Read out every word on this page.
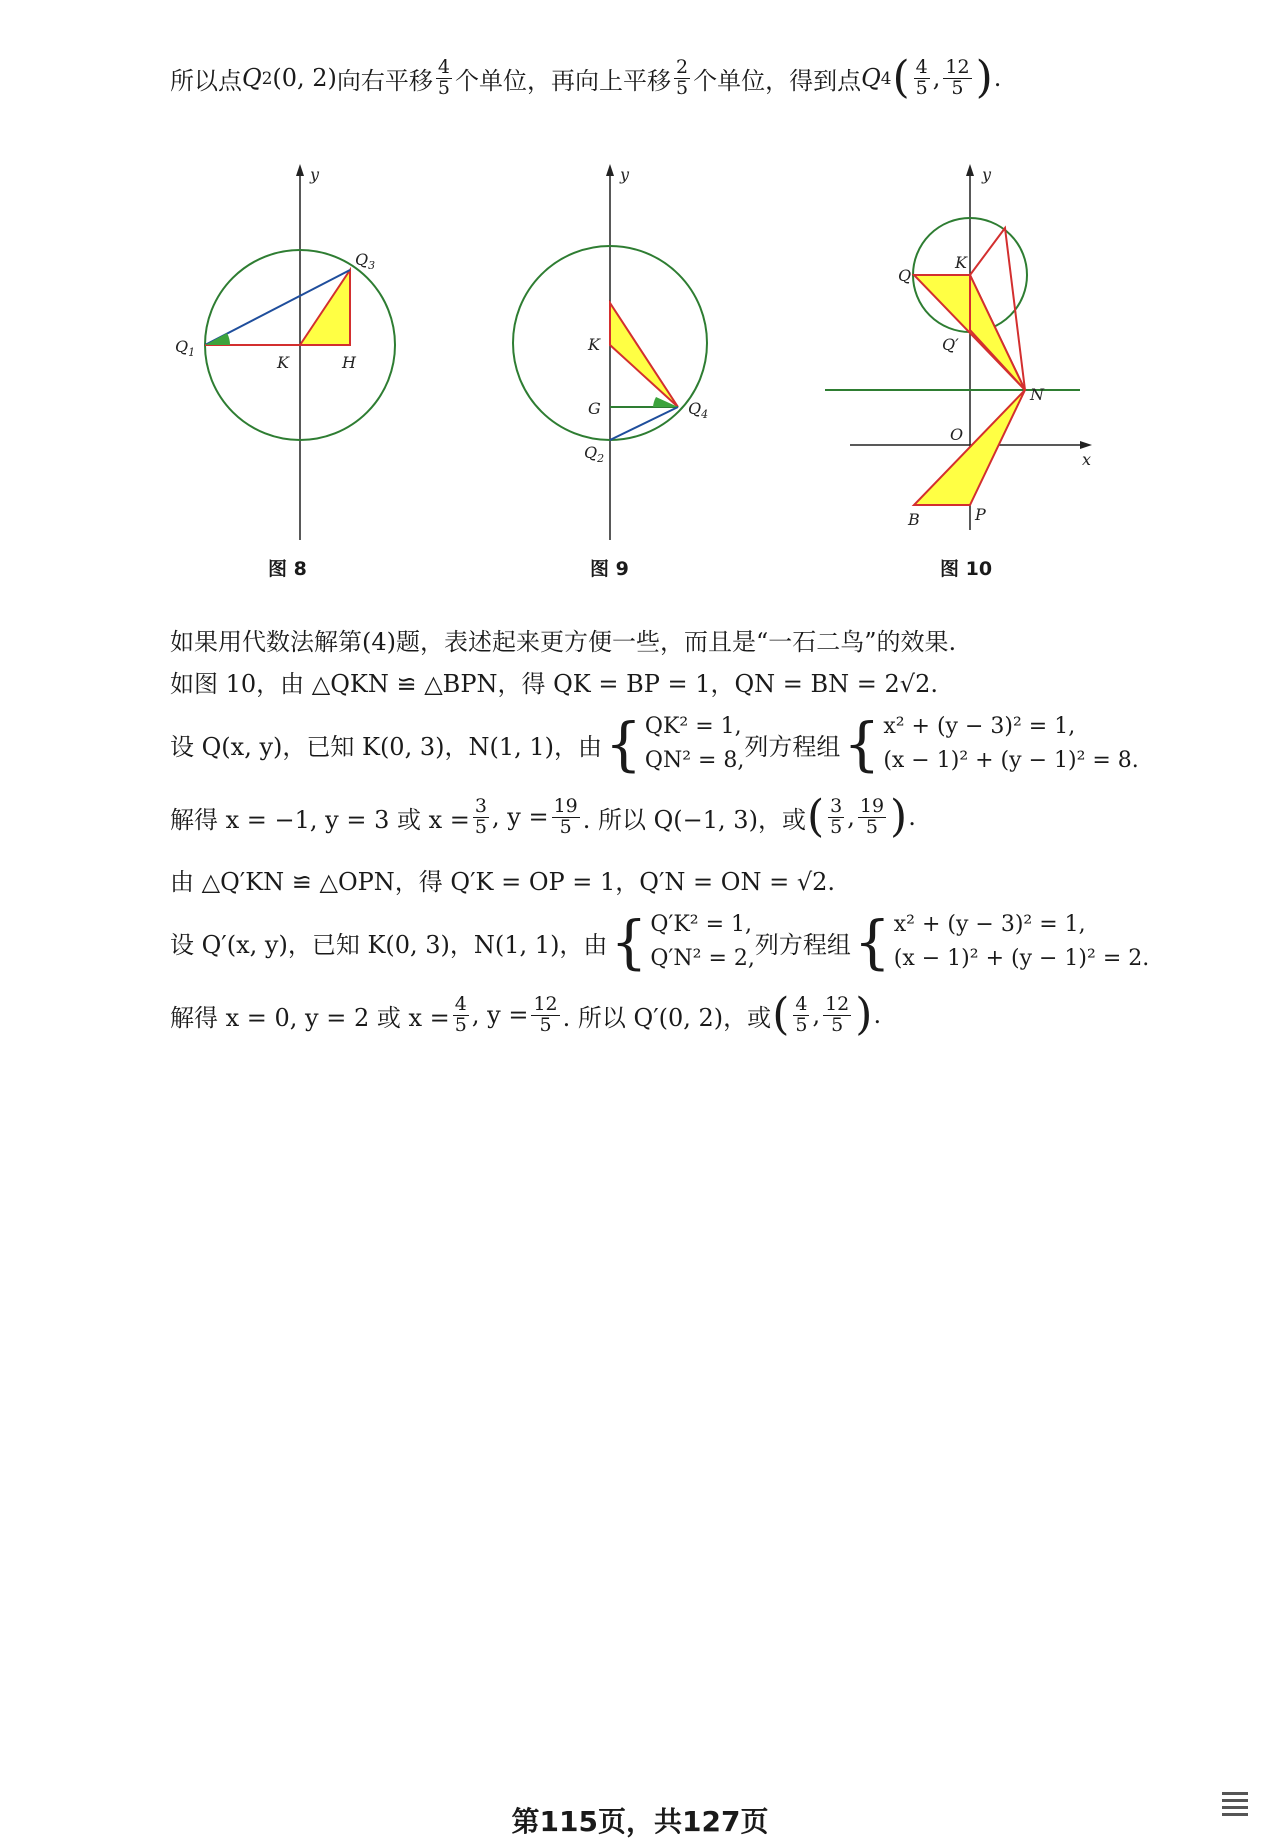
所以点 Q 2 (0, 2) 向右平移 $\frac{4}{5}$ 个单位，再向上平移 $\frac{2}{5}$ 个单位，得到点 Q 4 ( $\frac{4}{5}$ , $\frac{12}{5}$ ) .
y
$Q_3$
$Q_1$
K	H
图 8
y
K
G	$Q_4$
$Q_2$
图 9
y
x
K
Q
Q′
N
O
B	P
图 10
如果用代数法解第(4)题，表述起来更方便一些，而且是“一石二鸟”的效果.
如图 10，由 △QKN ≌ △BPN，得 QK = BP = 1，QN = BN = 2√2.
设 Q(x, y)，已知 K(0, 3)，N(1, 1)，由 { QK² = 1,
QN² = 8, 列方程组 { x² + (y − 3)² = 1,
(x − 1)² + (y − 1)² = 8.
解得 x = −1, y = 3 或 $x = \frac{3}{5}$ , $y = \frac{19}{5}$ . 所以 Q(−1, 3)，或 ( $\frac{3}{5}$ , $\frac{19}{5}$ ) .
由 △Q′KN ≌ △OPN，得 Q′K = OP = 1，Q′N = ON = √2.
设 Q′(x, y)，已知 K(0, 3)，N(1, 1)，由 { Q′K² = 1,
Q′N² = 2, 列方程组 { x² + (y − 3)² = 1,
(x − 1)² + (y − 1)² = 2.
解得 x = 0, y = 2 或 $x = \frac{4}{5}$ , $y = \frac{12}{5}$ . 所以 Q′(0, 2)，或 ( $\frac{4}{5}$ , $\frac{12}{5}$ ) .
第115页，共127页
